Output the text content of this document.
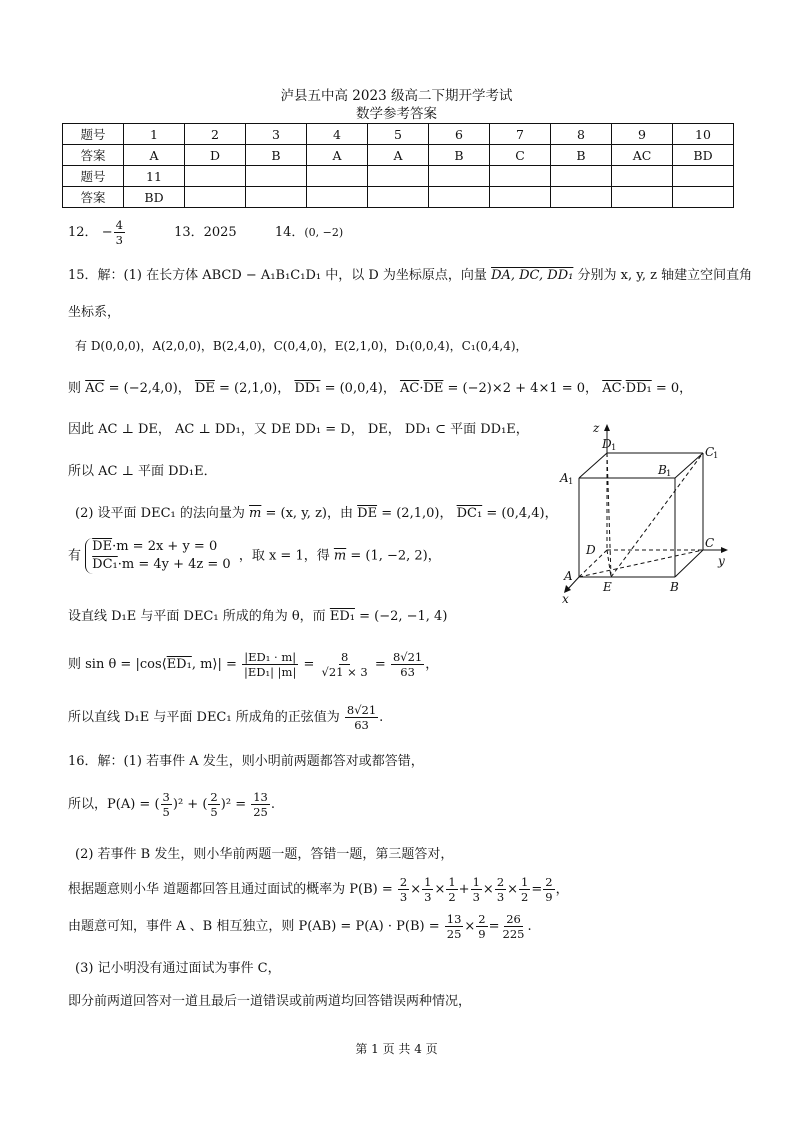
泸县五中高 2023 级高二下期开学考试
数学参考答案
题号	1	2	3	4	5	6	7	8	9	10
答案	A	D	B	A	A	B	C	B	AC	BD
题号	11									
答案	BD									
12． − $\frac{4}{3}$	13．2025	14．(0, −2)
15．解：(1) 在长方体 ABCD − A₁B₁C₁D₁ 中，以 D 为坐标原点，向量 DA, DC, DD₁ 分别为 x, y, z 轴建立空间直角
坐标系，
有 D(0,0,0)，A(2,0,0)，B(2,4,0)，C(0,4,0)，E(2,1,0)，D₁(0,0,4)，C₁(0,4,4)，
则 $\overline{AC} = (-2,4,0)$， $\overline{DE} = (2,1,0)$， DD₁ = (0,0,4)， $\overline{AC}\cdot\overline{DE} = (-2)\times 2 + 4\times 1 = 0$， $\overline{AC}\cdot DD_1 = 0$，
因此 AC ⊥ DE， AC ⊥ DD₁，又 DE DD₁ = D， DE， DD₁ ⊂ 平面 DD₁E，
所以 AC ⊥ 平面 DD₁E．
(2) 设平面 DEC₁ 的法向量为 $\overline{m} = (x$, y, z)，由 $\overline{DE} = (2,1,0)$， DC₁ = (0,4,4)，
有
$\overline{DE}\cdot m = 2x + y = 0$
DC₁·m = 4y + 4z = 0
，取 x = 1，得 $\overline{m} = (1$, −2, 2)，
设直线 D₁E 与平面 DEC₁ 所成的角为 θ，而 ED₁ = (−2, −1, 4)
则 sin θ = |cos⟨ED₁, m⟩| = $\frac{\text{|ED₁ · m|}}{\text{|ED₁| |m|}} = \frac{8}{√21 \times 3} = \frac{8√21}{63}$ ，
所以直线 D₁E 与平面 DEC₁ 所成角的正弦值为 $\frac{8√21}{63}$ .
16．解：(1) 若事件 A 发生，则小明前两题都答对或都答错，
所以，P(A) = ( $\frac{3}{5} )^2$ + ( $\frac{2}{5} )^2 = \frac{13}{25}$ .
(2) 若事件 B 发生，则小华前两题一题，答错一题，第三题答对，
根据题意则小华 道题都回答且通过面试的概率为 $P(B) = \frac{2}{3} \times \frac{1}{3} \times \frac{1}{2} + \frac{1}{3} \times \frac{2}{3} \times \frac{1}{2} = \frac{2}{9}$ ，
由题意可知，事件 A 、B 相互独立，则 $P(AB) = P(A) \cdot P(B) = \frac{13}{25} \times \frac{2}{9} = \frac{26}{225}$ .
(3) 记小明没有通过面试为事件 C，
即分前两道回答对一道且最后一道错误或前两道均回答错误两种情况，
z
D 1	C
1
B 1
A 1
D	C
y
A
E	B
x
第 1 页 共 4 页
